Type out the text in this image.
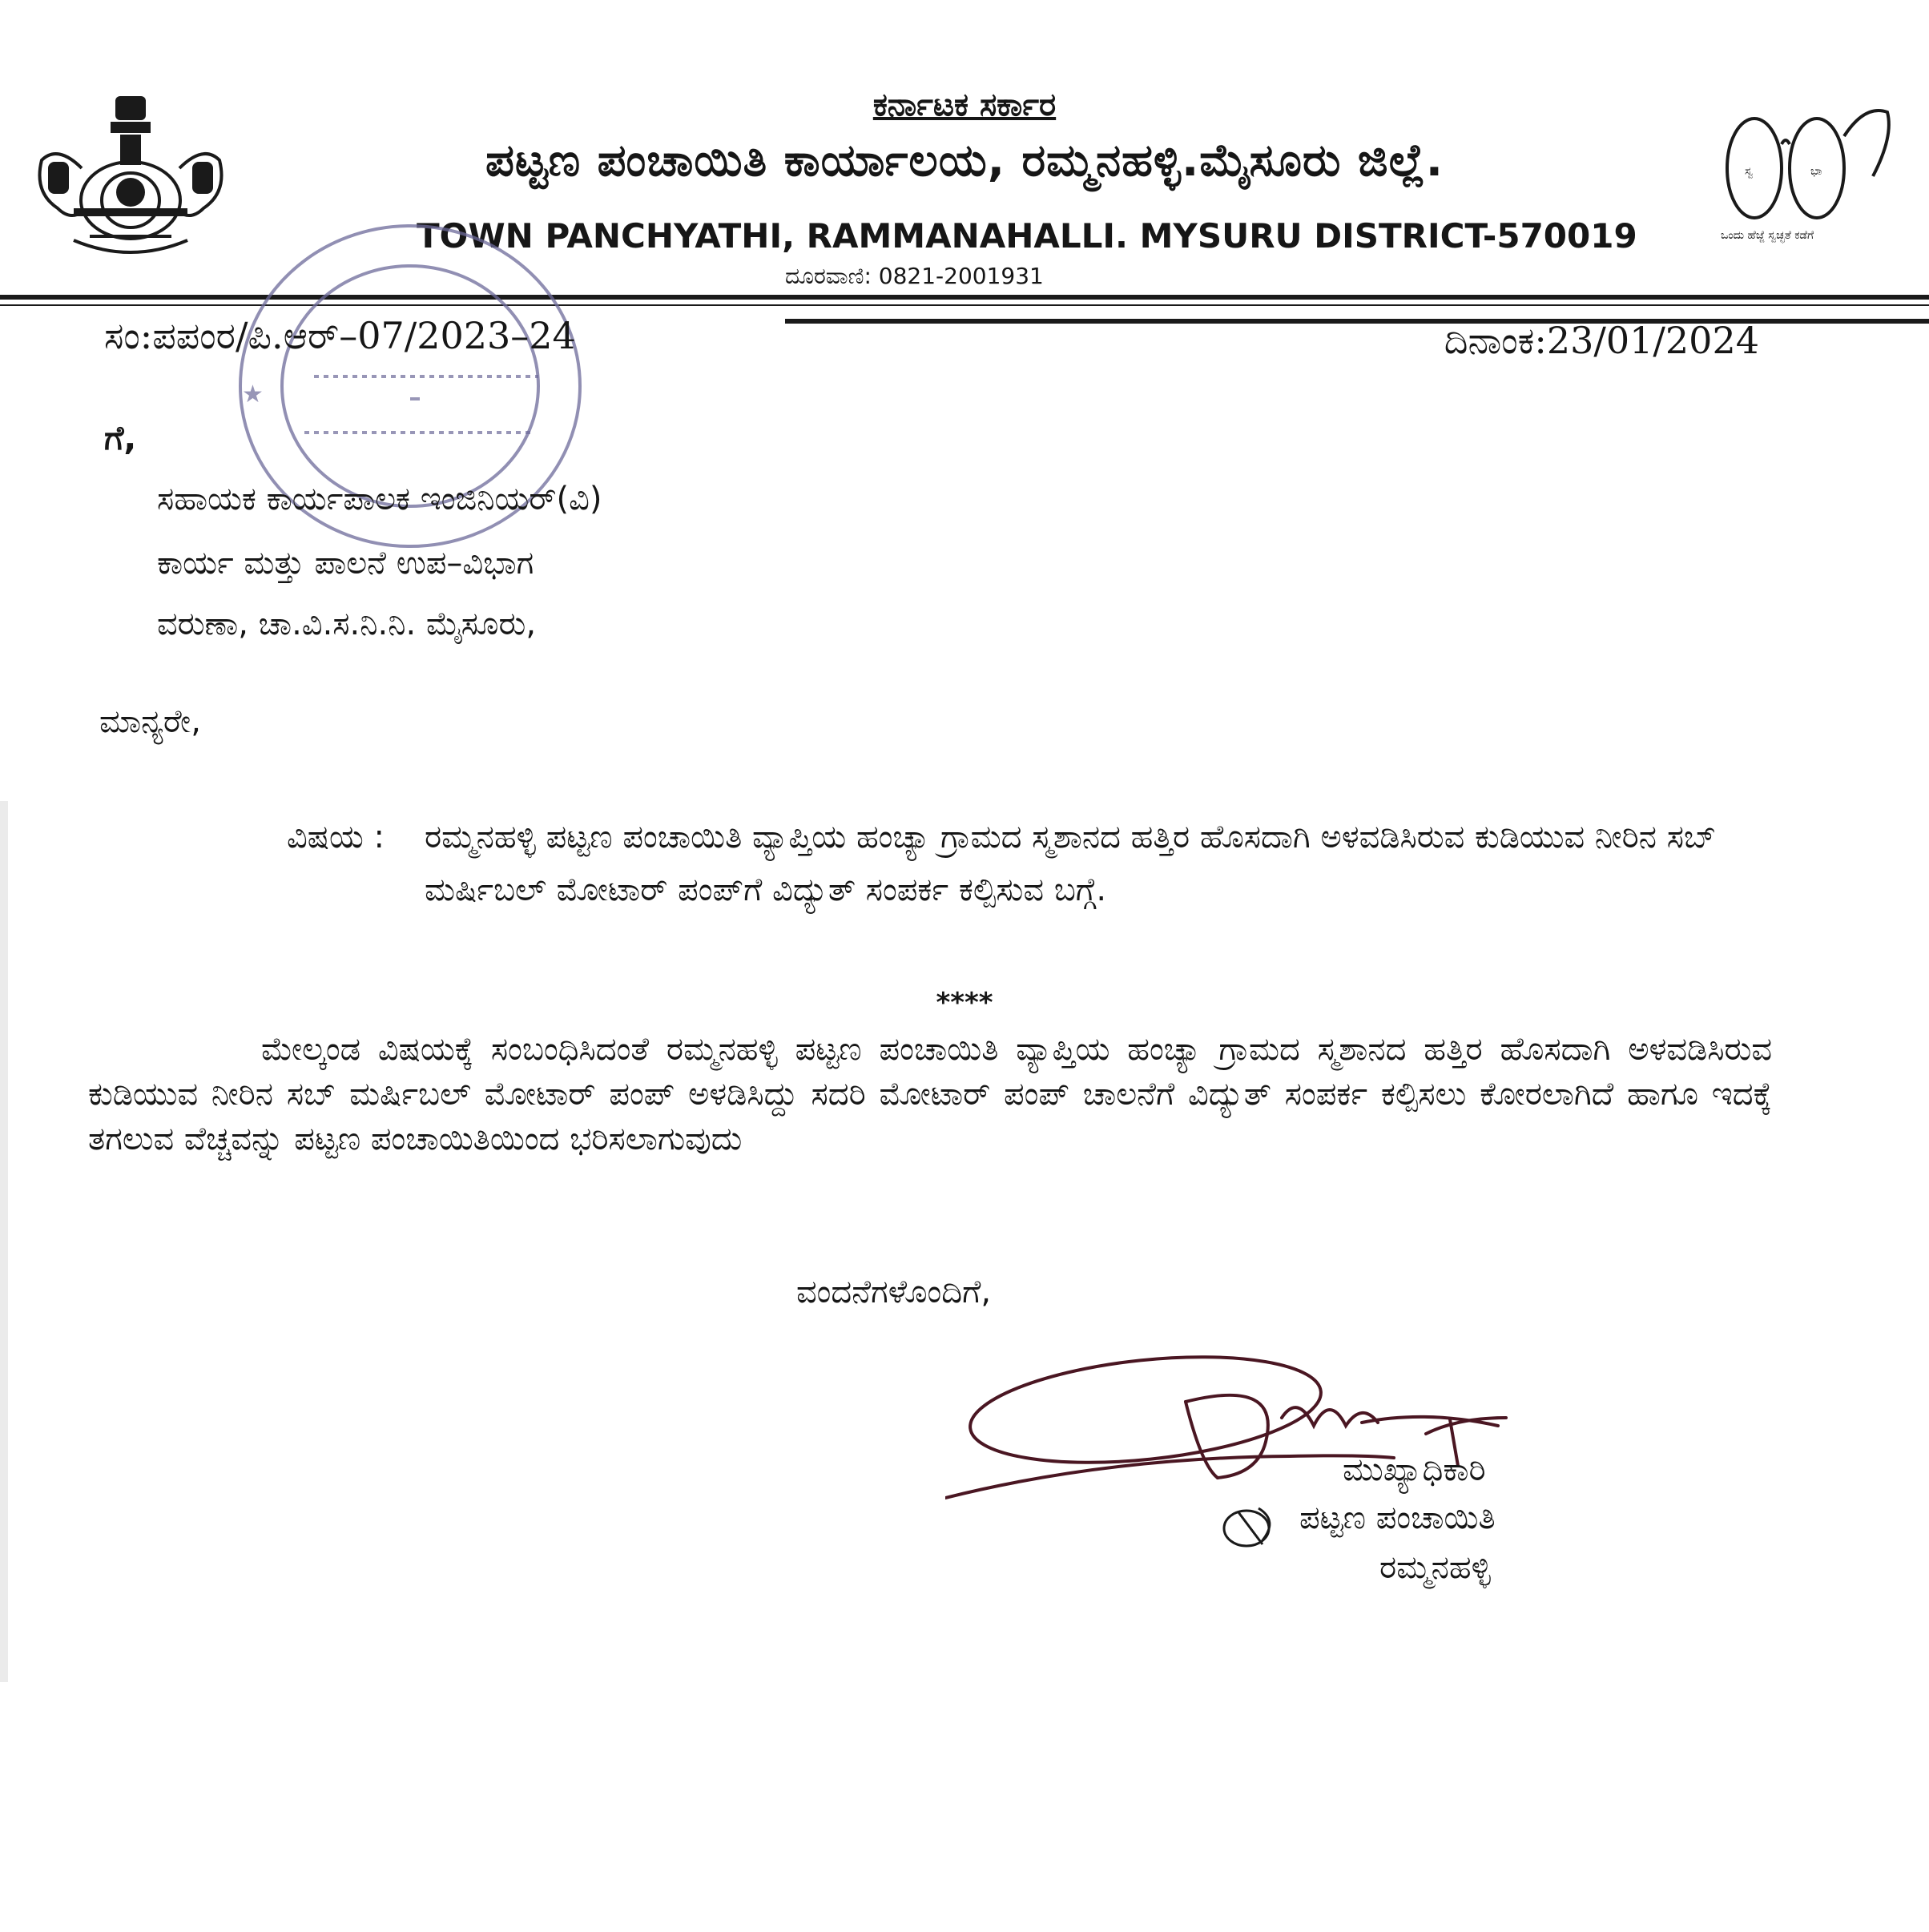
ಕರ್ನಾಟಕ ಸರ್ಕಾರ
ಪಟ್ಟಣ ಪಂಚಾಯಿತಿ ಕಾರ್ಯಾಲಯ, ರಮ್ಮನಹಳ್ಳಿ.ಮೈಸೂರು ಜಿಲ್ಲೆ.
TOWN PANCHYATHI, RAMMANAHALLI. MYSURU DISTRICT-570019
ದೂರವಾಣಿ: 0821-2001931
ಸ್ವ	ಭಾ
ಒಂದು ಹೆಜ್ಜೆ ಸ್ವಚ್ಛತೆ ಕಡೆಗೆ
★
ಸಂ:ಪಪಂರ/ಪಿ.ಆರ್–07/2023–24	ದಿನಾಂಕ:23/01/2024
ಗೆ,
ಸಹಾಯಕ ಕಾರ್ಯಪಾಲಕ ಇಂಜಿನಿಯರ್(ವಿ)
ಕಾರ್ಯ ಮತ್ತು ಪಾಲನೆ ಉಪ–ವಿಭಾಗ
ವರುಣಾ, ಚಾ.ವಿ.ಸ.ನಿ.ನಿ. ಮೈಸೂರು,
ಮಾನ್ಯರೇ,
ವಿಷಯ :	ರಮ್ಮನಹಳ್ಳಿ ಪಟ್ಟಣ ಪಂಚಾಯಿತಿ ವ್ಯಾಪ್ತಿಯ ಹಂಚ್ಯಾ ಗ್ರಾಮದ ಸ್ಮಶಾನದ ಹತ್ತಿರ ಹೊಸದಾಗಿ ಅಳವಡಿಸಿರುವ ಕುಡಿಯುವ ನೀರಿನ ಸಬ್ ಮರ್ಷಿಬಲ್ ಮೋಟಾರ್ ಪಂಪ್‌ಗೆ ವಿದ್ಯುತ್ ಸಂಪರ್ಕ ಕಲ್ಪಿಸುವ ಬಗ್ಗೆ.
****
ಮೇಲ್ಕಂಡ ವಿಷಯಕ್ಕೆ ಸಂಬಂಧಿಸಿದಂತೆ ರಮ್ಮನಹಳ್ಳಿ ಪಟ್ಟಣ ಪಂಚಾಯಿತಿ ವ್ಯಾಪ್ತಿಯ ಹಂಚ್ಯಾ ಗ್ರಾಮದ ಸ್ಮಶಾನದ ಹತ್ತಿರ ಹೊಸದಾಗಿ ಅಳವಡಿಸಿರುವ ಕುಡಿಯುವ ನೀರಿನ ಸಬ್ ಮರ್ಷಿಬಲ್ ಮೋಟಾರ್ ಪಂಪ್ ಅಳಡಿಸಿದ್ದು ಸದರಿ ಮೋಟಾರ್ ಪಂಪ್ ಚಾಲನೆಗೆ ವಿದ್ಯುತ್ ಸಂಪರ್ಕ ಕಲ್ಪಿಸಲು ಕೋರಲಾಗಿದೆ ಹಾಗೂ ಇದಕ್ಕೆ ತಗಲುವ ವೆಚ್ಚವನ್ನು ಪಟ್ಟಣ ಪಂಚಾಯಿತಿಯಿಂದ ಭರಿಸಲಾಗುವುದು
ವಂದನೆಗಳೊಂದಿಗೆ,
ಮುಖ್ಯಾಧಿಕಾರಿ
ಪಟ್ಟಣ ಪಂಚಾಯಿತಿ
ರಮ್ಮನಹಳ್ಳಿ
